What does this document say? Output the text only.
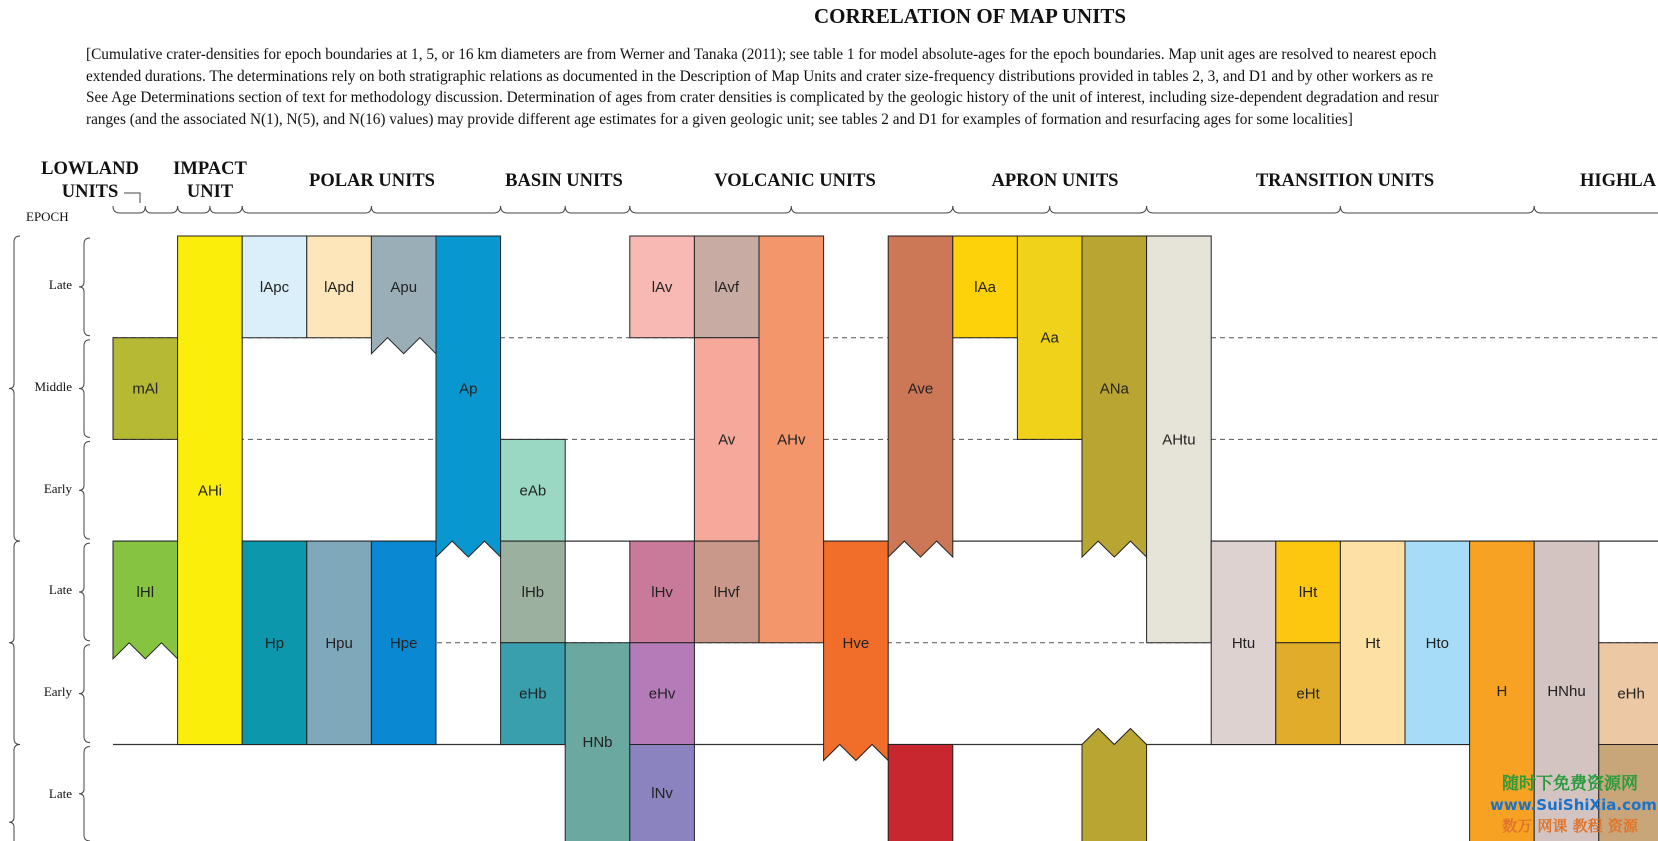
CORRELATION OF MAP UNITS
[Cumulative crater-densities for epoch boundaries at 1, 5, or 16 km diameters are from Werner and Tanaka (2011); see table 1 for model absolute-ages for the epoch boundaries. Map unit ages are resolved to nearest epoch
extended durations. The determinations rely on both stratigraphic relations as documented in the Description of Map Units and crater size-frequency distributions provided in tables 2, 3, and D1 and by other workers as re
See Age Determinations section of text for methodology discussion. Determination of ages from crater densities is complicated by the geologic history of the unit of interest, including size-dependent degradation and resur
ranges (and the associated N(1), N(5), and N(16) values) may provide different age estimates for a given geologic unit; see tables 2 and D1 for examples of formation and resurfacing ages for some localities]
LOWLAND
UNITS
IMPACT
UNIT
POLAR UNITS	BASIN UNITS	VOLCANIC UNITS	APRON UNITS	TRANSITION UNITS	HIGHLA
EPOCH
Late
Middle
Early
Late
Early
Late
mAl
lHl
AHi
lApc lApd Apu
Ap
Hp	Hpu Hpe
eAb
lHb
eHb
HNb
lAv	lAvf
Av	AHv
lHv	lHvf
eHv
lNv
Hve
Ave
lAa
Aa
ANa
AHtu
Htu
lHt
eHt
Ht	Hto
H	HNhu eHh
随时下免费资源网
www.SuiShiXia.com
数万 网课 教程 资源
